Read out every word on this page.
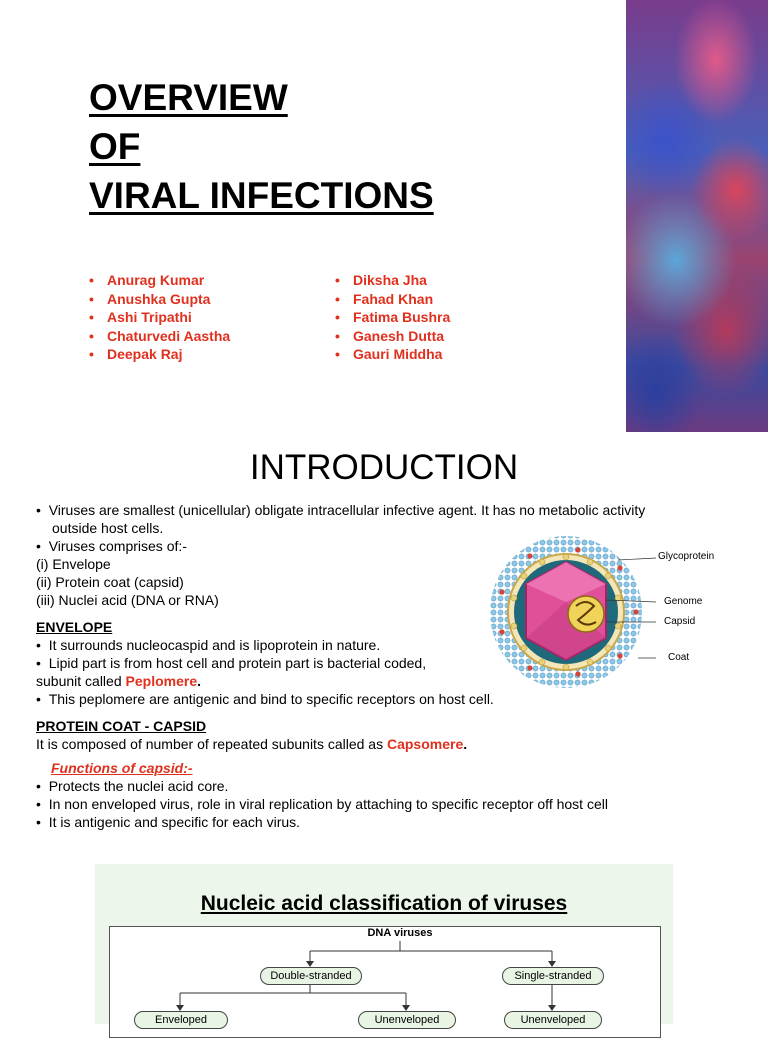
OVERVIEW
OF
VIRAL INFECTIONS
• Anurag Kumar
• Anushka Gupta
• Ashi Tripathi
• Chaturvedi Aastha
• Deepak Raj
• Diksha Jha
• Fahad Khan
• Fatima Bushra
• Ganesh Dutta
• Gauri Middha
INTRODUCTION
•  Viruses are smallest (unicellular) obligate intracellular infective agent. It has no metabolic activity
outside host cells.
•  Viruses comprises of:-
(i) Envelope
(ii) Protein coat (capsid)
(iii) Nuclei acid (DNA or RNA)
ENVELOPE
•  It surrounds nucleocaspid and is lipoprotein in nature.
•  Lipid part is from host cell and protein part is bacterial coded,
subunit called Peplomere.
•  This peplomere are antigenic and bind to specific receptors on host cell.
PROTEIN COAT - CAPSID
It is composed of number of repeated subunits called as Capsomere.
Functions of capsid:-
•  Protects the nuclei acid core.
•  In non enveloped virus, role in viral replication by attaching to specific receptor off host cell
•  It is antigenic and specific for each virus.
Glycoprotein
Genome
Capsid
Coat
Nucleic acid classification of viruses
DNA viruses
Double-stranded	Single-stranded
Enveloped	Unenveloped	Unenveloped
